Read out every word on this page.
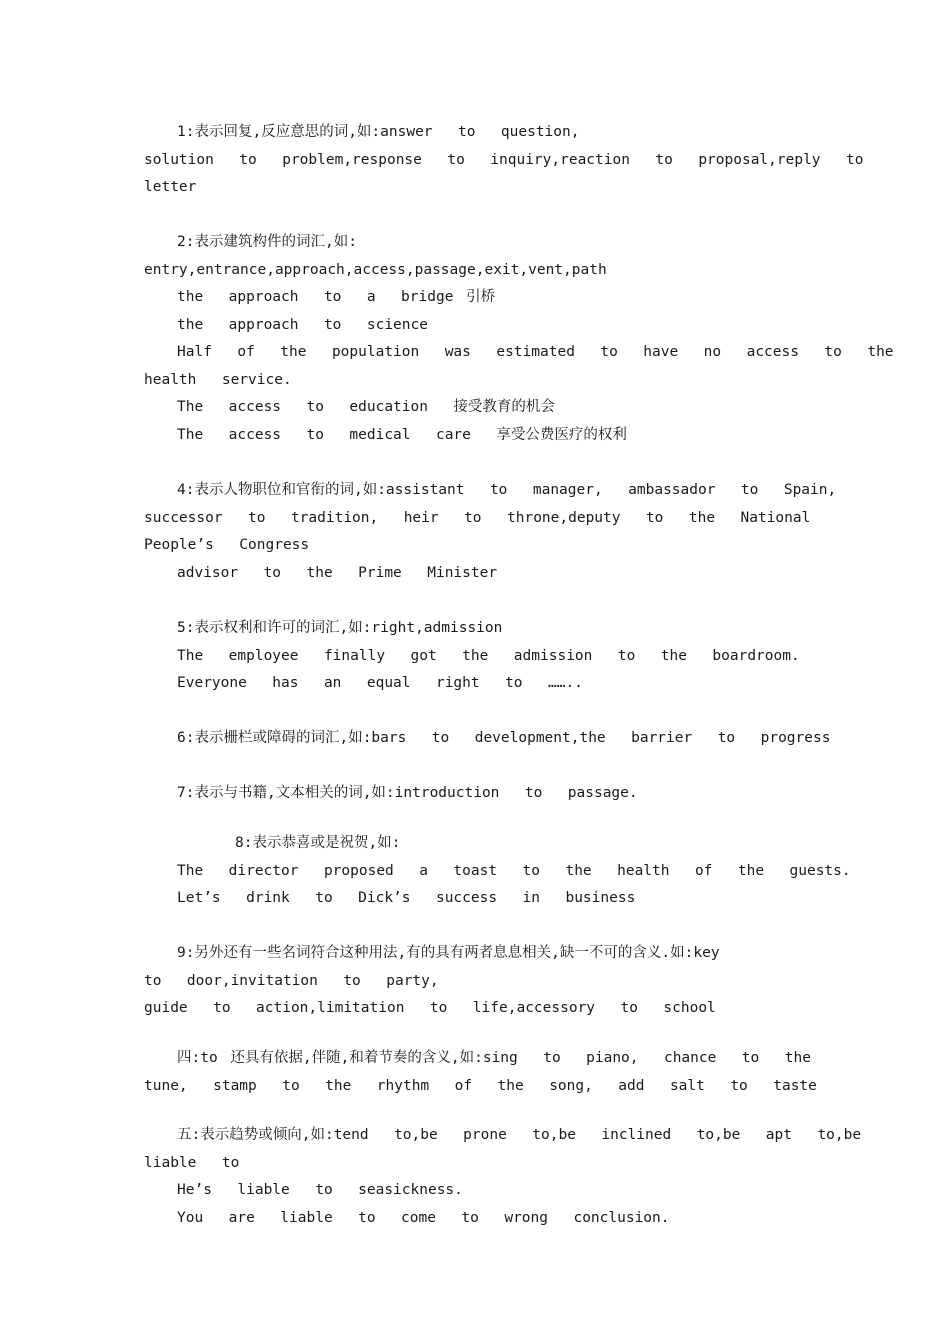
1:表示回复,反应意思的词,如:answer  to  question,
solution  to  problem,response  to  inquiry,reaction  to  proposal,reply  to
letter
2:表示建筑构件的词汇,如:
entry,entrance,approach,access,passage,exit,vent,path
the  approach  to  a  bridge 引桥
the  approach  to  science
Half  of  the  population  was  estimated  to  have  no  access  to  the
health  service.
The  access  to  education  接受教育的机会
The  access  to  medical  care  享受公费医疗的权利
4:表示人物职位和官衔的词,如:assistant  to  manager,  ambassador  to  Spain,
successor  to  tradition,  heir  to  throne,deputy  to  the  National
People’s  Congress
advisor  to  the  Prime  Minister
5:表示权利和许可的词汇,如:right,admission
The  employee  finally  got  the  admission  to  the  boardroom.
Everyone  has  an  equal  right  to  ……..
6:表示栅栏或障碍的词汇,如:bars  to  development,the  barrier  to  progress
7:表示与书籍,文本相关的词,如:introduction  to  passage.
8:表示恭喜或是祝贺,如:
The  director  proposed  a  toast  to  the  health  of  the  guests.
Let’s  drink  to  Dick’s  success  in  business
9:另外还有一些名词符合这种用法,有的具有两者息息相关,缺一不可的含义.如:key
to  door,invitation  to  party,
guide  to  action,limitation  to  life,accessory  to  school
四:to 还具有依据,伴随,和着节奏的含义,如:sing  to  piano,  chance  to  the
tune,  stamp  to  the  rhythm  of  the  song,  add  salt  to  taste
五:表示趋势或倾向,如:tend  to,be  prone  to,be  inclined  to,be  apt  to,be
liable  to
He’s  liable  to  seasickness.
You  are  liable  to  come  to  wrong  conclusion.
